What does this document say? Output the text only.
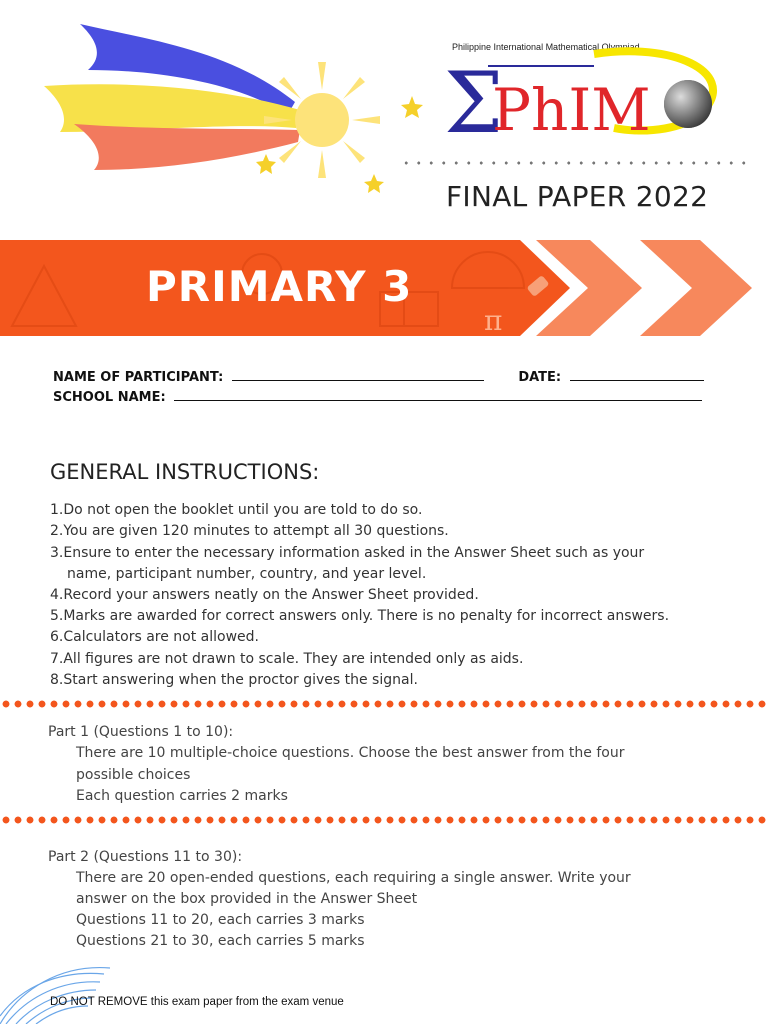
Philippine International Mathematical Olympiad
Σ
PhIM
FINAL PAPER 2022
π
PRIMARY 3
NAME OF PARTICIPANT:	DATE:
SCHOOL NAME:
GENERAL INSTRUCTIONS:
1.Do not open the booklet until you are told to do so.
2.You are given 120 minutes to attempt all 30 questions.
3.Ensure to enter the necessary information asked in the Answer Sheet such as your
name, participant number, country, and year level.
4.Record your answers neatly on the Answer Sheet provided.
5.Marks are awarded for correct answers only. There is no penalty for incorrect answers.
6.Calculators are not allowed.
7.All figures are not drawn to scale. They are intended only as aids.
8.Start answering when the proctor gives the signal.
Part 1 (Questions 1 to 10):
There are 10 multiple-choice questions. Choose the best answer from the four
possible choices
Each question carries 2 marks
Part 2 (Questions 11 to 30):
There are 20 open-ended questions, each requiring a single answer. Write your
answer on the box provided in the Answer Sheet
Questions 11 to 20, each carries 3 marks
Questions 21 to 30, each carries 5 marks
DO NOT REMOVE this exam paper from the exam venue
